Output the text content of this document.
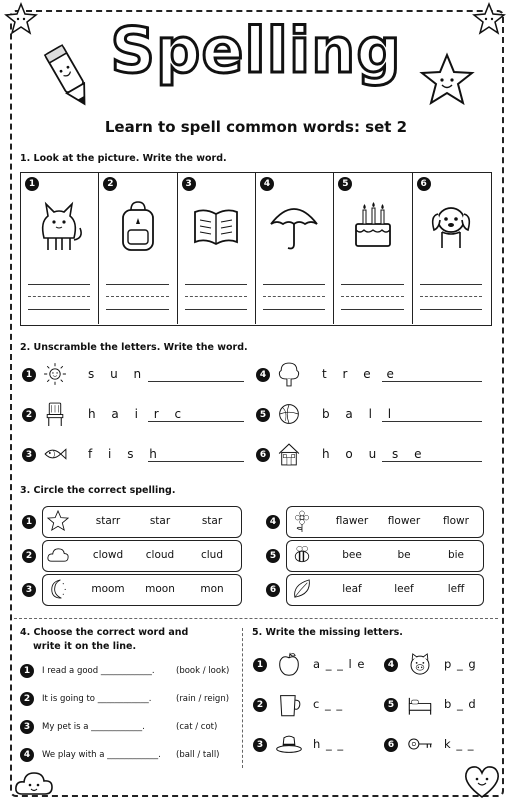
Spelling
Learn to spell common words: set 2
1. Look at the picture. Write the word.
1	2	3	4	5	6
2. Unscramble the letters. Write the word.
1	s u n
2	h a i r c
3	f i s h
4	t r e e
5	b a l l
6	h o u s e
3. Circle the correct spelling.
1	starr	star	star
2	clowd	cloud	clud
3	moom	moon	mon
4	flawer	flower	flowr
5	bee	be	bie
6	leaf	leef	leff
4. Choose the correct word and
write it on the line.
1	I read a good ____________.	(book / look)
2	It is going to ____________.	(rain / reign)
3	My pet is a ____________.	(cat / cot)
4	We play with a ____________. (ball / tall)
5. Write the missing letters.
1	a _ _ l e
2	c _ _
3	h _ _
4	p _ g
5	b _ d
6	k _ _
